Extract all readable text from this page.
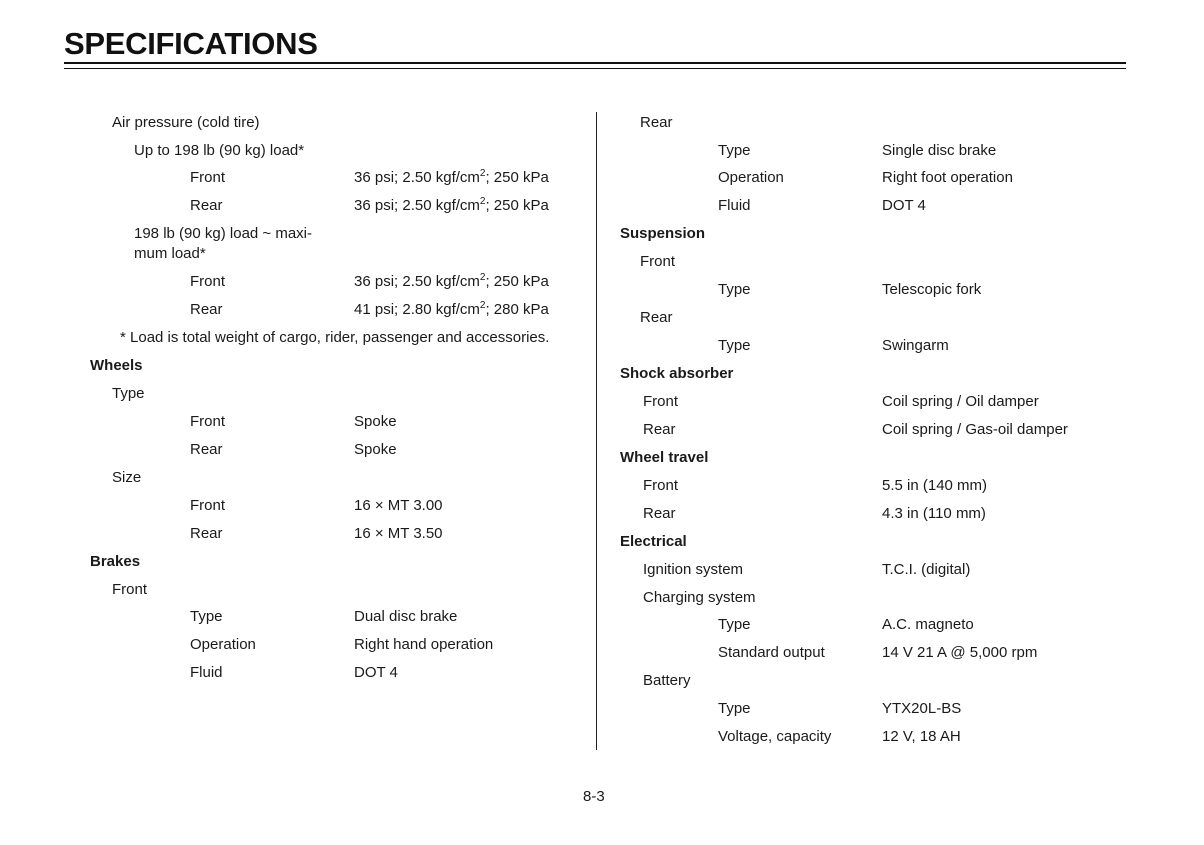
SPECIFICATIONS
Air pressure (cold tire)
Up to 198 lb (90 kg) load*
Front	36 psi; 2.50 kgf/$cm^2$; 250 kPa
Rear	36 psi; 2.50 kgf/$cm^2$; 250 kPa
198 lb (90 kg) load ~ maxi-
mum load*
Front	36 psi; 2.50 kgf/$cm^2$; 250 kPa
Rear	41 psi; 2.80 kgf/$cm^2$; 280 kPa
* Load is total weight of cargo, rider, passenger and accessories.
Wheels
Type
Front	Spoke
Rear	Spoke
Size
Front	16 × MT 3.00
Rear	16 × MT 3.50
Brakes
Front
Type	Dual disc brake
Operation	Right hand operation
Fluid	DOT 4
Rear
Type	Single disc brake
Operation	Right foot operation
Fluid	DOT 4
Suspension
Front
Type	Telescopic fork
Rear
Type	Swingarm
Shock absorber
Front	Coil spring / Oil damper
Rear	Coil spring / Gas-oil damper
Wheel travel
Front	5.5 in (140 mm)
Rear	4.3 in (110 mm)
Electrical
Ignition system	T.C.I. (digital)
Charging system
Type	A.C. magneto
Standard output	14 V 21 A @ 5,000 rpm
Battery
Type	YTX20L-BS
Voltage, capacity	12 V, 18 AH
8-3
